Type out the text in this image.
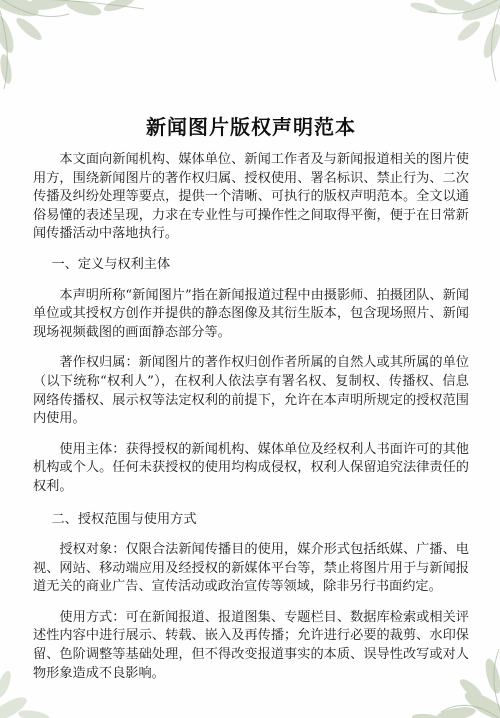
新闻图片版权声明范本

本文面向新闻机构、媒体单位、新闻工作者及与新闻报道相关的图片使用方，围绕新闻图片的著作权归属、授权使用、署名标识、禁止行为、二次传播及纠纷处理等要点，提供一个清晰、可执行的版权声明范本。全文以通俗易懂的表述呈现，力求在专业性与可操作性之间取得平衡，便于在日常新闻传播活动中落地执行。

一、定义与权利主体

本声明所称“新闻图片”指在新闻报道过程中由摄影师、拍摄团队、新闻单位或其授权方创作并提供的静态图像及其衍生版本，包含现场照片、新闻现场视频截图的画面静态部分等。

著作权归属：新闻图片的著作权归创作者所属的自然人或其所属的单位（以下统称“权利人”），在权利人依法享有署名权、复制权、传播权、信息网络传播权、展示权等法定权利的前提下，允许在本声明所规定的授权范围内使用。

使用主体：获得授权的新闻机构、媒体单位及经权利人书面许可的其他机构或个人。任何未获授权的使用均构成侵权，权利人保留追究法律责任的权利。

二、授权范围与使用方式

授权对象：仅限合法新闻传播目的使用，媒介形式包括纸媒、广播、电视、网站、移动端应用及经授权的新媒体平台等，禁止将图片用于与新闻报道无关的商业广告、宣传活动或政治宣传等领域，除非另行书面约定。

使用方式：可在新闻报道、报道图集、专题栏目、数据库检索或相关评述性内容中进行展示、转载、嵌入及再传播；允许进行必要的裁剪、水印保留、色阶调整等基础处理，但不得改变报道事实的本质、误导性改写或对人物形象造成不良影响。
